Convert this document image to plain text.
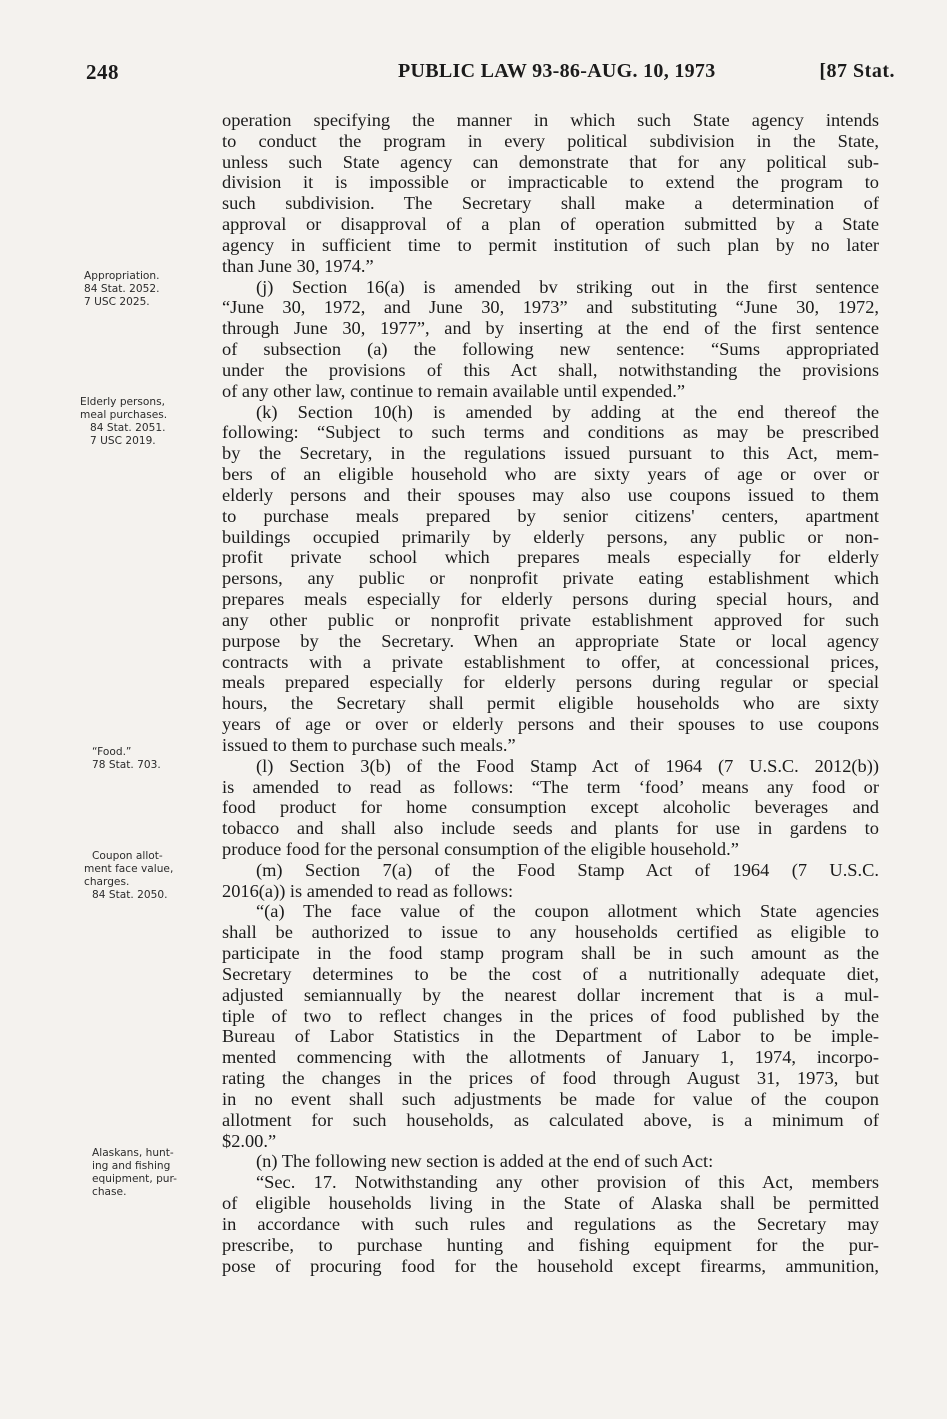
248	PUBLIC LAW 93-86-AUG. 10, 1973	[87 Stat.
Appropriation.
84 Stat. 2052.
7 USC 2025.
Elderly persons,
meal purchases.
84 Stat. 2051.
7 USC 2019.
“Food.”
78 Stat. 703.
Coupon allot-
ment face value,
charges.
84 Stat. 2050.
Alaskans, hunt-
ing and fishing
equipment, pur-
chase.
operation specifying the manner in which such State agency intends
to conduct the program in every political subdivision in the State,
unless such State agency can demonstrate that for any political sub-
division it is impossible or impracticable to extend the program to
such subdivision. The Secretary shall make a determination of
approval or disapproval of a plan of operation submitted by a State
agency in sufficient time to permit institution of such plan by no later
than June 30, 1974.”
(j) Section 16(a) is amended bv striking out in the first sentence
“June 30, 1972, and June 30, 1973” and substituting “June 30, 1972,
through June 30, 1977”, and by inserting at the end of the first sentence
of subsection (a) the following new sentence: “Sums appropriated
under the provisions of this Act shall, notwithstanding the provisions
of any other law, continue to remain available until expended.”
(k) Section 10(h) is amended by adding at the end thereof the
following: “Subject to such terms and conditions as may be prescribed
by the Secretary, in the regulations issued pursuant to this Act, mem-
bers of an eligible household who are sixty years of age or over or
elderly persons and their spouses may also use coupons issued to them
to purchase meals prepared by senior citizens' centers, apartment
buildings occupied primarily by elderly persons, any public or non-
profit private school which prepares meals especially for elderly
persons, any public or nonprofit private eating establishment which
prepares meals especially for elderly persons during special hours, and
any other public or nonprofit private establishment approved for such
purpose by the Secretary. When an appropriate State or local agency
contracts with a private establishment to offer, at concessional prices,
meals prepared especially for elderly persons during regular or special
hours, the Secretary shall permit eligible households who are sixty
years of age or over or elderly persons and their spouses to use coupons
issued to them to purchase such meals.”
(l) Section 3(b) of the Food Stamp Act of 1964 (7 U.S.C. 2012(b))
is amended to read as follows: “The term ‘food’ means any food or
food product for home consumption except alcoholic beverages and
tobacco and shall also include seeds and plants for use in gardens to
produce food for the personal consumption of the eligible household.”
(m) Section 7(a) of the Food Stamp Act of 1964 (7 U.S.C.
2016(a)) is amended to read as follows:
“(a) The face value of the coupon allotment which State agencies
shall be authorized to issue to any households certified as eligible to
participate in the food stamp program shall be in such amount as the
Secretary determines to be the cost of a nutritionally adequate diet,
adjusted semiannually by the nearest dollar increment that is a mul-
tiple of two to reflect changes in the prices of food published by the
Bureau of Labor Statistics in the Department of Labor to be imple-
mented commencing with the allotments of January 1, 1974, incorpo-
rating the changes in the prices of food through August 31, 1973, but
in no event shall such adjustments be made for value of the coupon
allotment for such households, as calculated above, is a minimum of
$2.00.”
(n) The following new section is added at the end of such Act:
“Sec. 17. Notwithstanding any other provision of this Act, members
of eligible households living in the State of Alaska shall be permitted
in accordance with such rules and regulations as the Secretary may
prescribe, to purchase hunting and fishing equipment for the pur-
pose of procuring food for the household except firearms, ammunition,
